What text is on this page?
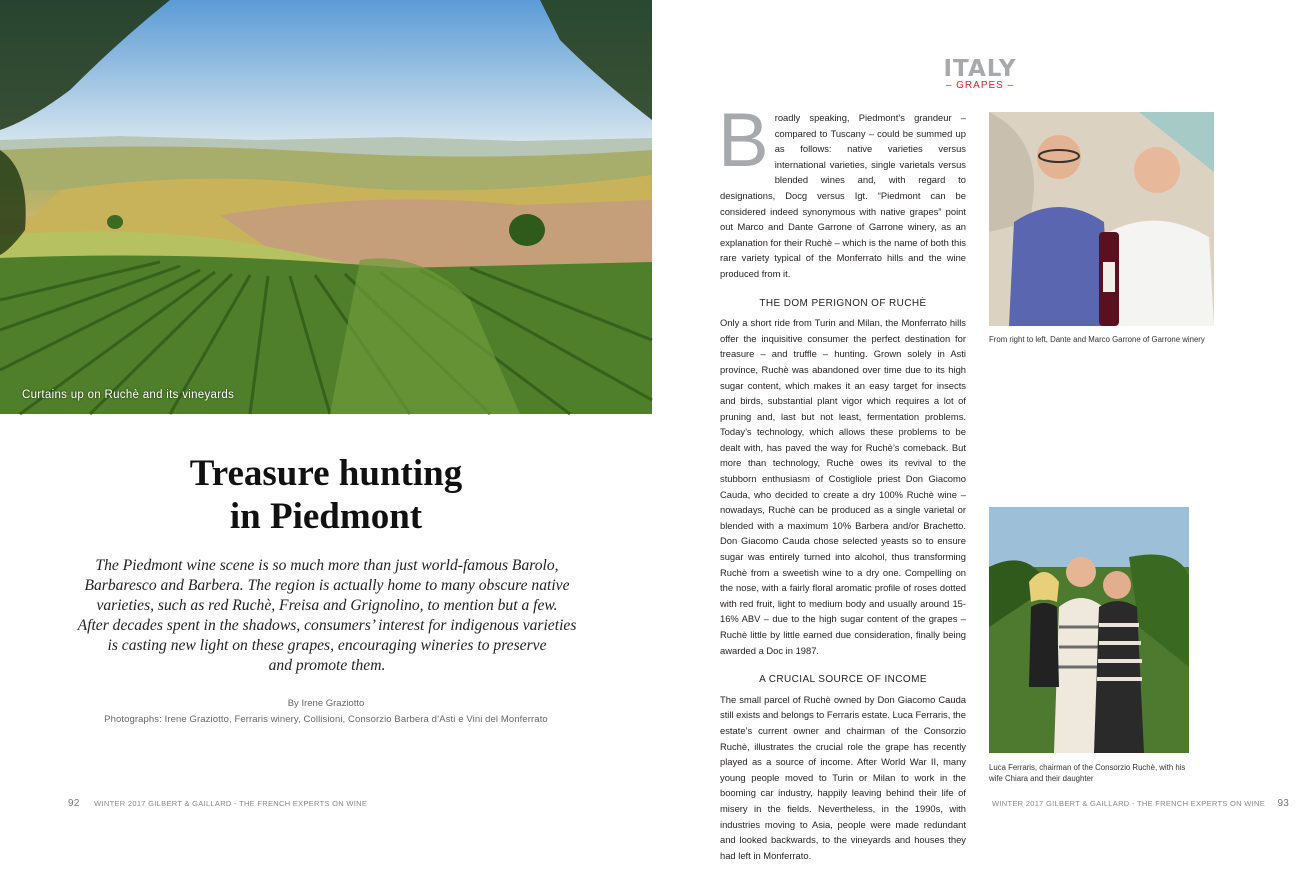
Curtains up on Ruchè and its vineyards
Treasure hunting
in Piedmont
The Piedmont wine scene is so much more than just world-famous Barolo,
Barbaresco and Barbera. The region is actually home to many obscure native
varieties, such as red Ruchè, Freisa and Grignolino, to mention but a few.
After decades spent in the shadows, consumers’ interest for indigenous varieties
is casting new light on these grapes, encouraging wineries to preserve
and promote them.
By Irene Graziotto
Photographs: Irene Graziotto, Ferraris winery, Collisioni, Consorzio Barbera d’Asti e Vini del Monferrato
92 WINTER 2017 GILBERT & GAILLARD - THE FRENCH EXPERTS ON WINE
ITALY
– GRAPES –

B roadly speaking, Piedmont’s grandeur – compared to Tuscany – could be summed up as follows: native varieties versus international varieties, single varietals versus blended wines and, with regard to designations, Docg versus Igt. “Piedmont can be considered indeed synonymous with native grapes” point out Marco and Dante Garrone of Garrone winery, as an explanation for their Ruchè – which is the name of both this rare variety typical of the Monferrato hills and the wine produced from it.

THE DOM PERIGNON OF RUCHÈ

Only a short ride from Turin and Milan, the Monferrato hills offer the inquisitive consumer the perfect destination for treasure – and truffle – hunting. Grown solely in Asti province, Ruchè was abandoned over time due to its high sugar content, which makes it an easy target for insects and birds, substantial plant vigor which requires a lot of pruning and, last but not least, fermentation problems. Today’s technology, which allows these problems to be dealt with, has paved the way for Ruchè’s comeback. But more than technology, Ruchè owes its revival to the stubborn enthusiasm of Costigliole priest Don Giacomo Cauda, who decided to create a dry 100% Ruchè wine – nowadays, Ruchè can be produced as a single varietal or blended with a maximum 10% Barbera and/or Brachetto. Don Giacomo Cauda chose selected yeasts so to ensure sugar was entirely turned into alcohol, thus transforming Ruchè from a sweetish wine to a dry one. Compelling on the nose, with a fairly floral aromatic profile of roses dotted with red fruit, light to medium body and usually around 15-16% ABV – due to the high sugar content of the grapes – Ruchè little by little earned due consideration, finally being awarded a Doc in 1987.

A CRUCIAL SOURCE OF INCOME

The small parcel of Ruchè owned by Don Giacomo Cauda still exists and belongs to Ferraris estate. Luca Ferraris, the estate’s current owner and chairman of the Consorzio Ruchè, illustrates the crucial role the grape has recently played as a source of income. After World War II, many young people moved to Turin or Milan to work in the booming car industry, happily leaving behind their life of misery in the fields. Nevertheless, in the 1990s, with industries moving to Asia, people were made redundant and looked backwards, to the vineyards and houses they had left in Monferrato.

From right to left, Dante and Marco Garrone of Garrone winery
Luca Ferraris, chairman of the Consorzio Ruchè, with his wife Chiara and their daughter
WINTER 2017 GILBERT & GAILLARD - THE FRENCH EXPERTS ON WINE 93
